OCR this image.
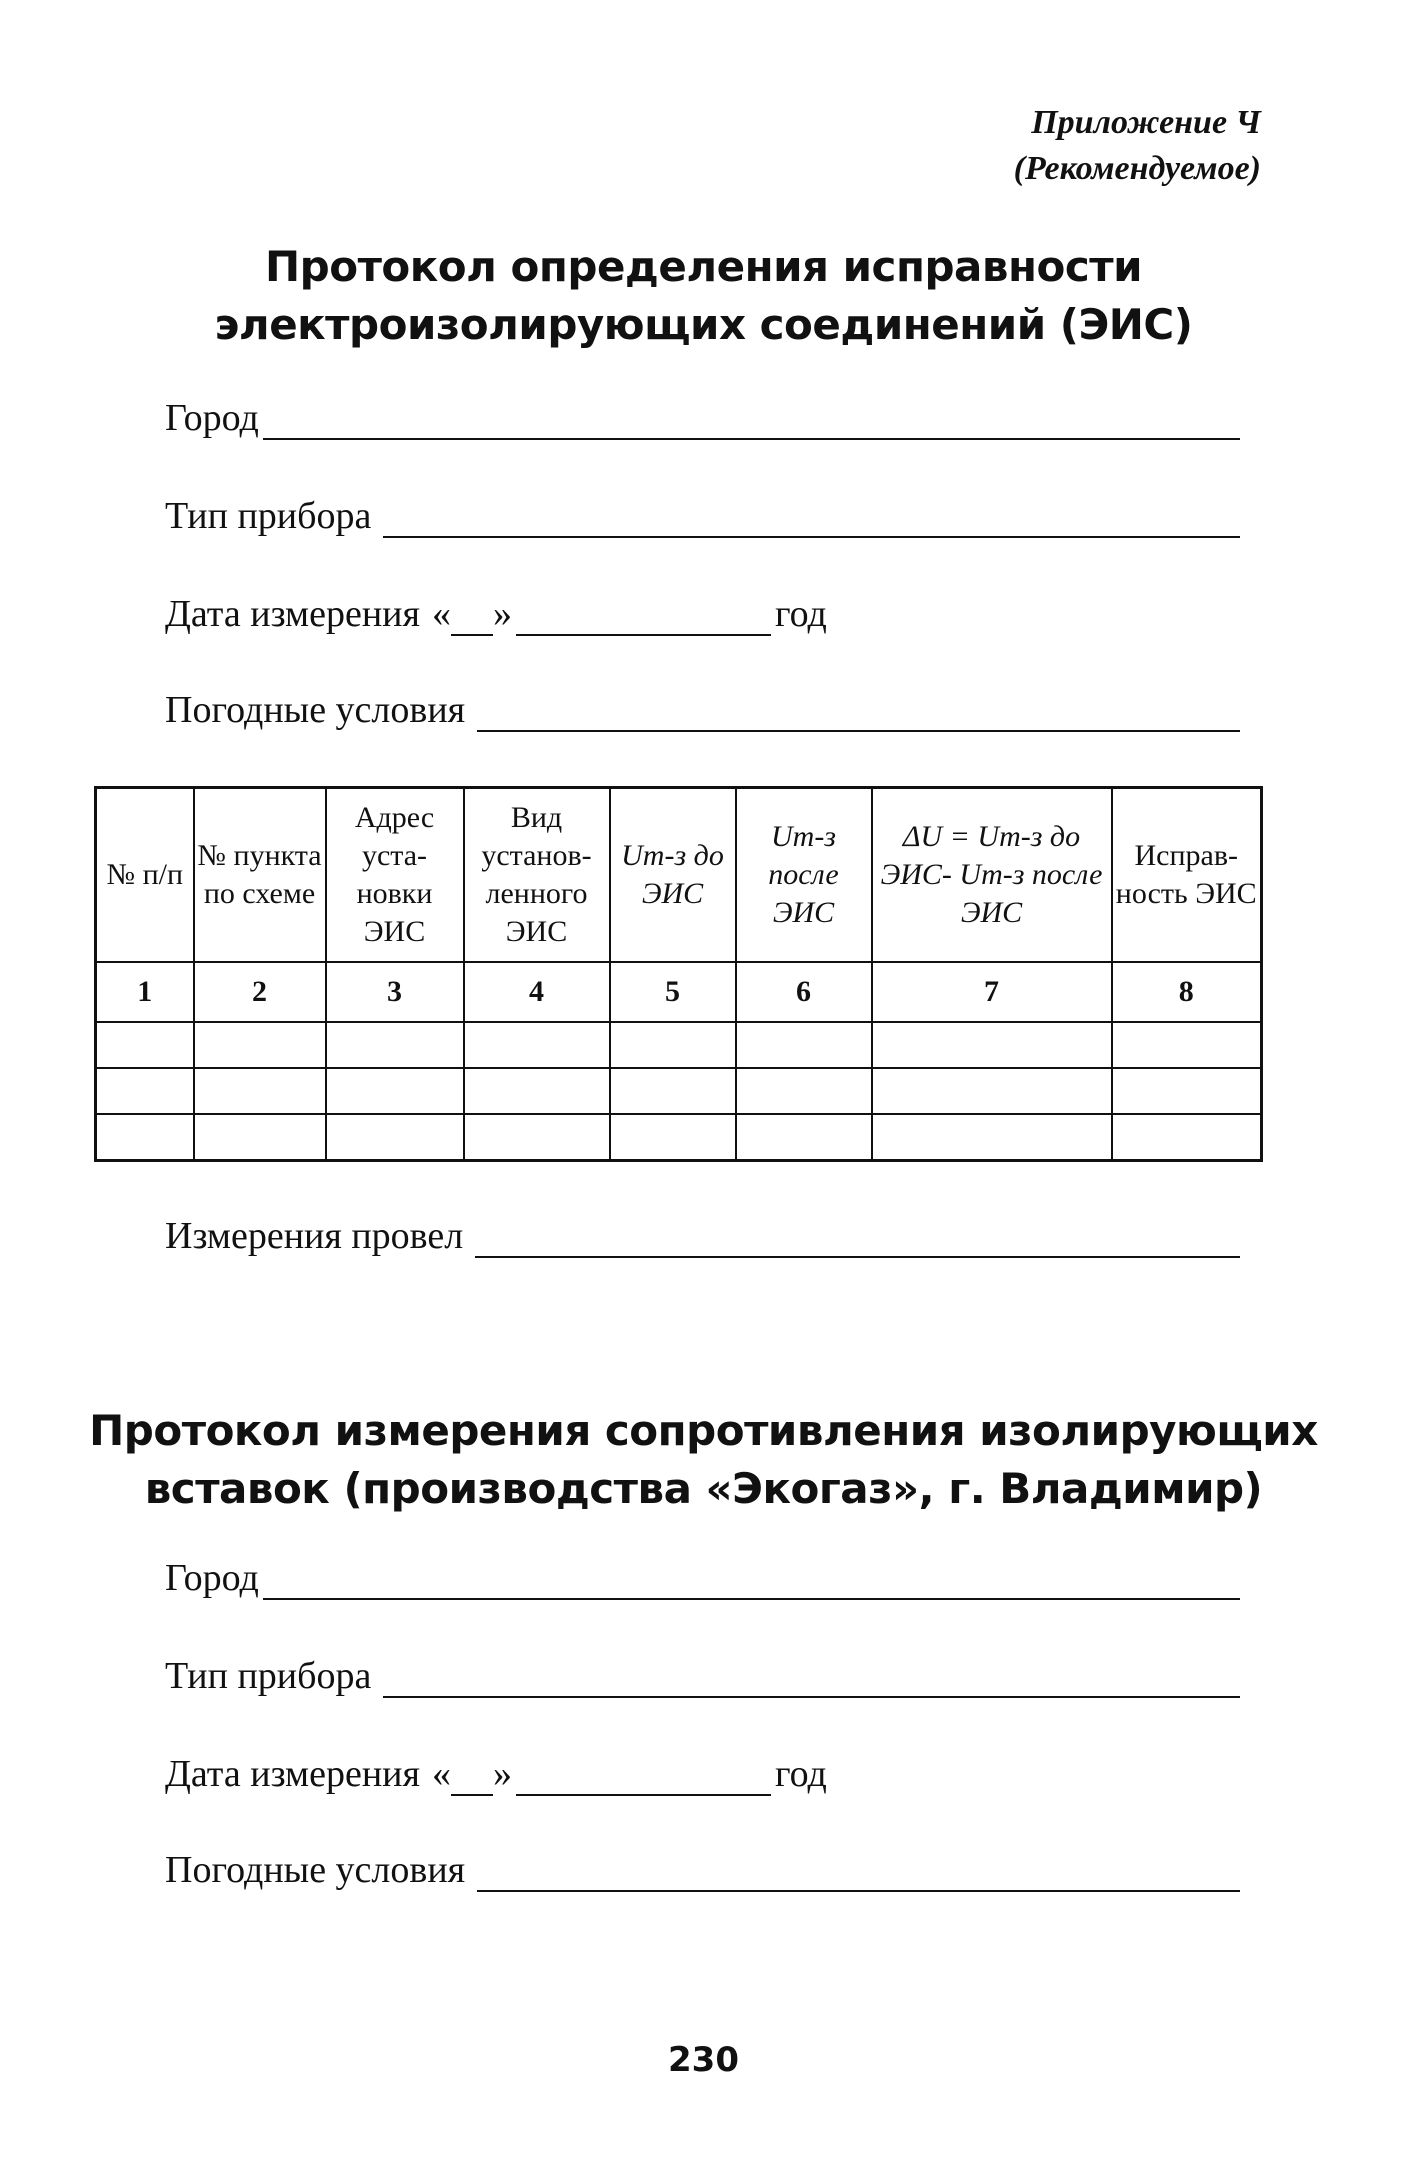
Приложение Ч
(Рекомендуемое)
Протокол определения исправности
электроизолирующих соединений (ЭИС)
Город
Тип прибора
Дата измерения « »	год
Погодные условия
№ п/п	№ пункта по схеме	Адрес уста-новки ЭИС	Вид установ-ленного ЭИС	Uт-з до ЭИС	Uт-з после ЭИС	ΔU = Uт-з до ЭИС- Uт-з после ЭИС	Исправ-ность ЭИС
1	2	3	4	5	6	7	8

Измерения провел
Протокол измерения сопротивления изолирующих
вставок (производства «Экогаз», г. Владимир)
Город
Тип прибора
Дата измерения « »	год
Погодные условия
230
